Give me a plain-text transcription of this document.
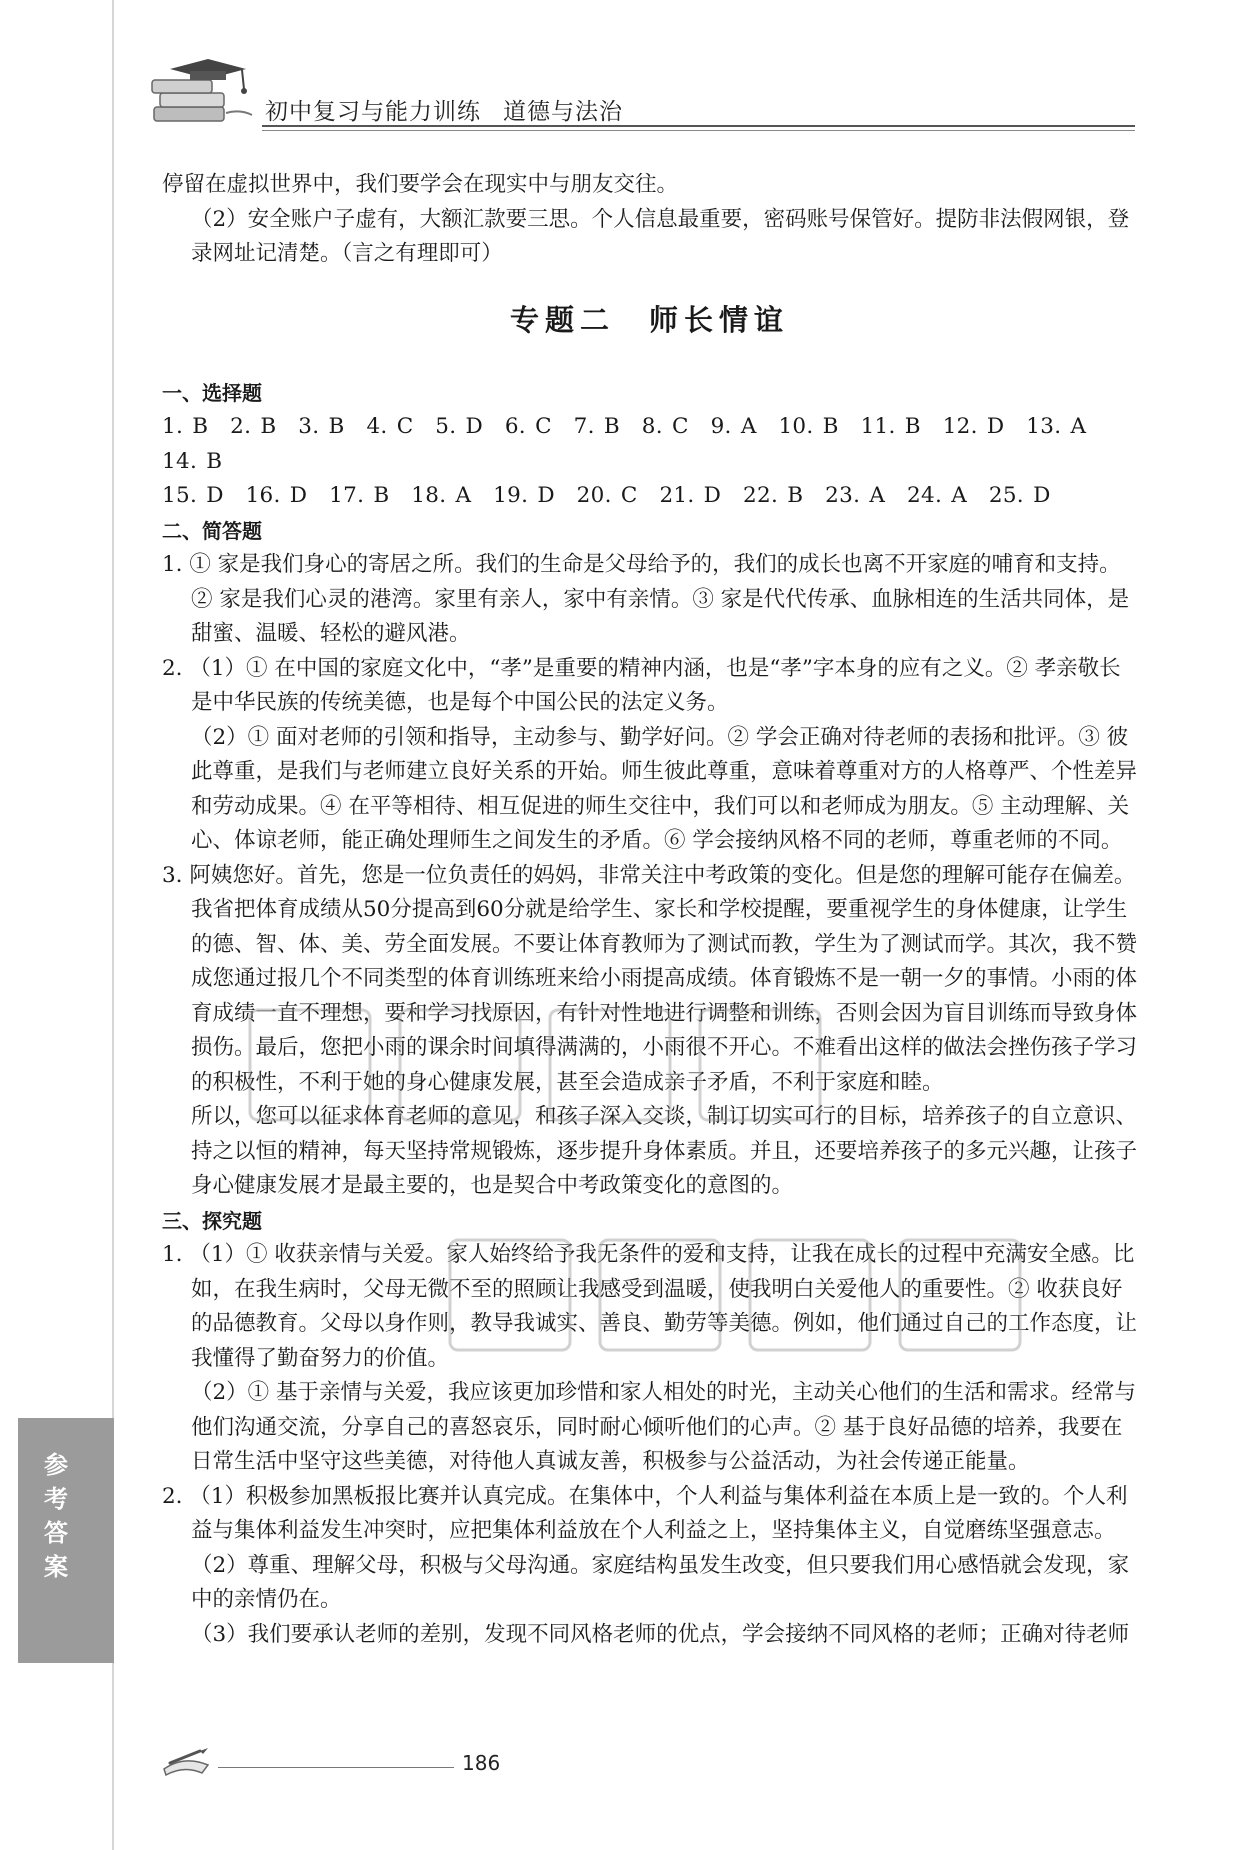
初中复习与能力训练 道德与法治

停留在虚拟世界中，我们要学会在现实中与朋友交往。

（2）安全账户子虚有，大额汇款要三思。个人信息最重要，密码账号保管好。提防非法假网银，登录网址记清楚。（言之有理即可）

专题二 师长情谊

一、选择题

1. B　2. B　3. B　4. C　5. D　6. C　7. B　8. C　9. A　10. B　11. B　12. D　13. A　14. B

15. D　16. D　17. B　18. A　19. D　20. C　21. D　22. B　23. A　24. A　25. D

二、简答题

1. ① 家是我们身心的寄居之所。我们的生命是父母给予的，我们的成长也离不开家庭的哺育和支持。② 家是我们心灵的港湾。家里有亲人，家中有亲情。③ 家是代代传承、血脉相连的生活共同体，是甜蜜、温暖、轻松的避风港。

2. （1）① 在中国的家庭文化中，“孝”是重要的精神内涵，也是“孝”字本身的应有之义。② 孝亲敬长是中华民族的传统美德，也是每个中国公民的法定义务。

（2）① 面对老师的引领和指导，主动参与、勤学好问。② 学会正确对待老师的表扬和批评。③ 彼此尊重，是我们与老师建立良好关系的开始。师生彼此尊重，意味着尊重对方的人格尊严、个性差异和劳动成果。④ 在平等相待、相互促进的师生交往中，我们可以和老师成为朋友。⑤ 主动理解、关心、体谅老师，能正确处理师生之间发生的矛盾。⑥ 学会接纳风格不同的老师，尊重老师的不同。

3. 阿姨您好。首先，您是一位负责任的妈妈，非常关注中考政策的变化。但是您的理解可能存在偏差。我省把体育成绩从50分提高到60分就是给学生、家长和学校提醒，要重视学生的身体健康，让学生的德、智、体、美、劳全面发展。不要让体育教师为了测试而教，学生为了测试而学。其次，我不赞成您通过报几个不同类型的体育训练班来给小雨提高成绩。体育锻炼不是一朝一夕的事情。小雨的体育成绩一直不理想，要和学习找原因，有针对性地进行调整和训练，否则会因为盲目训练而导致身体损伤。最后，您把小雨的课余时间填得满满的，小雨很不开心。不难看出这样的做法会挫伤孩子学习的积极性，不利于她的身心健康发展，甚至会造成亲子矛盾，不利于家庭和睦。

所以，您可以征求体育老师的意见，和孩子深入交谈，制订切实可行的目标，培养孩子的自立意识、持之以恒的精神，每天坚持常规锻炼，逐步提升身体素质。并且，还要培养孩子的多元兴趣，让孩子身心健康发展才是最主要的，也是契合中考政策变化的意图的。

三、探究题

1. （1）① 收获亲情与关爱。家人始终给予我无条件的爱和支持，让我在成长的过程中充满安全感。比如，在我生病时，父母无微不至的照顾让我感受到温暖，使我明白关爱他人的重要性。② 收获良好的品德教育。父母以身作则，教导我诚实、善良、勤劳等美德。例如，他们通过自己的工作态度，让我懂得了勤奋努力的价值。

（2）① 基于亲情与关爱，我应该更加珍惜和家人相处的时光，主动关心他们的生活和需求。经常与他们沟通交流，分享自己的喜怒哀乐，同时耐心倾听他们的心声。② 基于良好品德的培养，我要在日常生活中坚守这些美德，对待他人真诚友善，积极参与公益活动，为社会传递正能量。

2. （1）积极参加黑板报比赛并认真完成。在集体中，个人利益与集体利益在本质上是一致的。个人利益与集体利益发生冲突时，应把集体利益放在个人利益之上，坚持集体主义，自觉磨练坚强意志。

（2）尊重、理解父母，积极与父母沟通。家庭结构虽发生改变，但只要我们用心感悟就会发现，家中的亲情仍在。

（3）我们要承认老师的差别，发现不同风格老师的优点，学会接纳不同风格的老师；正确对待老师

参考答案
186
